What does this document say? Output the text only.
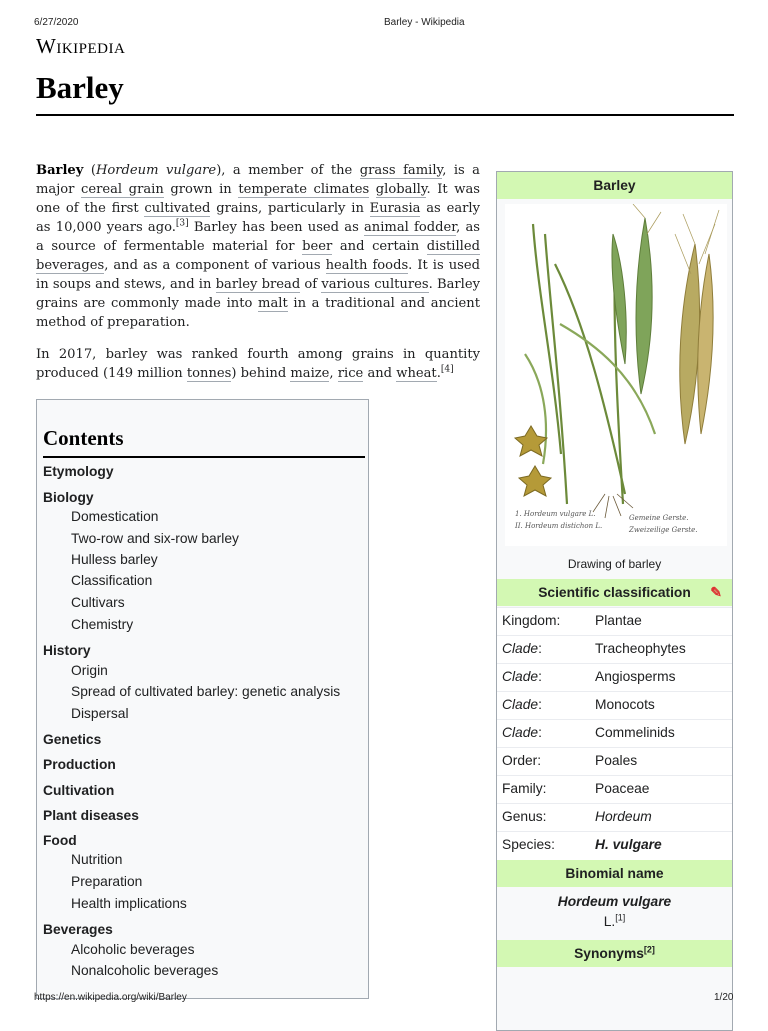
6/27/2020	Barley - Wikipedia
Wikipedia
Barley

Barley (Hordeum vulgare), a member of the grass family, is a major cereal grain grown in temperate climates globally. It was one of the first cultivated grains, particularly in Eurasia as early as 10,000 years ago.[3] Barley has been used as animal fodder, as a source of fermentable material for beer and certain distilled beverages, and as a component of various health foods. It is used in soups and stews, and in barley bread of various cultures. Barley grains are commonly made into malt in a traditional and ancient method of preparation.

In 2017, barley was ranked fourth among grains in quantity produced (149 million tonnes) behind maize, rice and wheat.[4]

Contents
Etymology
Biology
Domestication
Two-row and six-row barley
Hulless barley
Classification
Cultivars
Chemistry
History
Origin
Spread of cultivated barley: genetic analysis
Dispersal
Genetics
Production
Cultivation
Plant diseases
Food
Nutrition
Preparation
Health implications
Beverages
Alcoholic beverages
Nonalcoholic beverages
Barley
1. Hordeum vulgare L.
II. Hordeum distichon L.
Gemeine Gerste.
Zweizeilige Gerste.
Drawing of barley
Scientific classification ✎
Kingdom:	Plantae
Clade:	Tracheophytes
Clade:	Angiosperms
Clade:	Monocots
Clade:	Commelinids
Order:	Poales
Family:	Poaceae
Genus:	Hordeum
Species:	H. vulgare
Binomial name
Hordeum vulgare
L.[1]
Synonyms[2]
https://en.wikipedia.org/wiki/Barley	1/20
